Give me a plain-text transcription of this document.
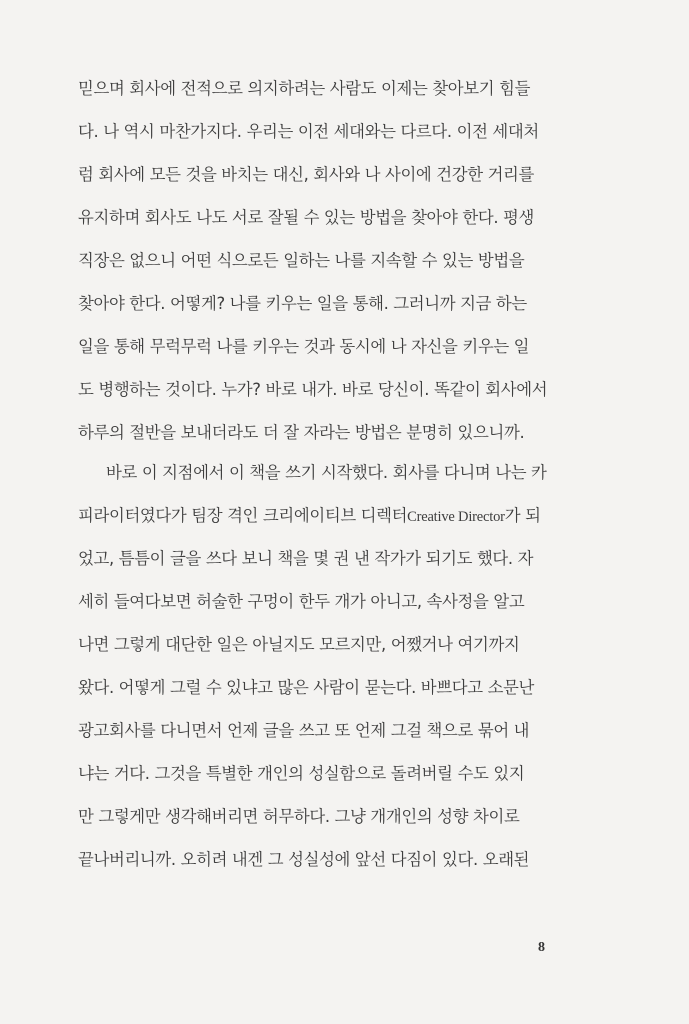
믿으며 회사에 전적으로 의지하려는 사람도 이제는 찾아보기 힘들
다. 나 역시 마찬가지다. 우리는 이전 세대와는 다르다. 이전 세대처
럼 회사에 모든 것을 바치는 대신, 회사와 나 사이에 건강한 거리를
유지하며 회사도 나도 서로 잘될 수 있는 방법을 찾아야 한다. 평생
직장은 없으니 어떤 식으로든 일하는 나를 지속할 수 있는 방법을
찾아야 한다. 어떻게? 나를 키우는 일을 통해. 그러니까 지금 하는
일을 통해 무럭무럭 나를 키우는 것과 동시에 나 자신을 키우는 일
도 병행하는 것이다. 누가? 바로 내가. 바로 당신이. 똑같이 회사에서
하루의 절반을 보내더라도 더 잘 자라는 방법은 분명히 있으니까.
바로 이 지점에서 이 책을 쓰기 시작했다. 회사를 다니며 나는 카
피라이터였다가 팀장 격인 크리에이티브 디렉터Creative Director가 되
었고, 틈틈이 글을 쓰다 보니 책을 몇 권 낸 작가가 되기도 했다. 자
세히 들여다보면 허술한 구멍이 한두 개가 아니고, 속사정을 알고
나면 그렇게 대단한 일은 아닐지도 모르지만, 어쨌거나 여기까지
왔다. 어떻게 그럴 수 있냐고 많은 사람이 묻는다. 바쁘다고 소문난
광고회사를 다니면서 언제 글을 쓰고 또 언제 그걸 책으로 묶어 내
냐는 거다. 그것을 특별한 개인의 성실함으로 돌려버릴 수도 있지
만 그렇게만 생각해버리면 허무하다. 그냥 개개인의 성향 차이로
끝나버리니까. 오히려 내겐 그 성실성에 앞선 다짐이 있다. 오래된
8
